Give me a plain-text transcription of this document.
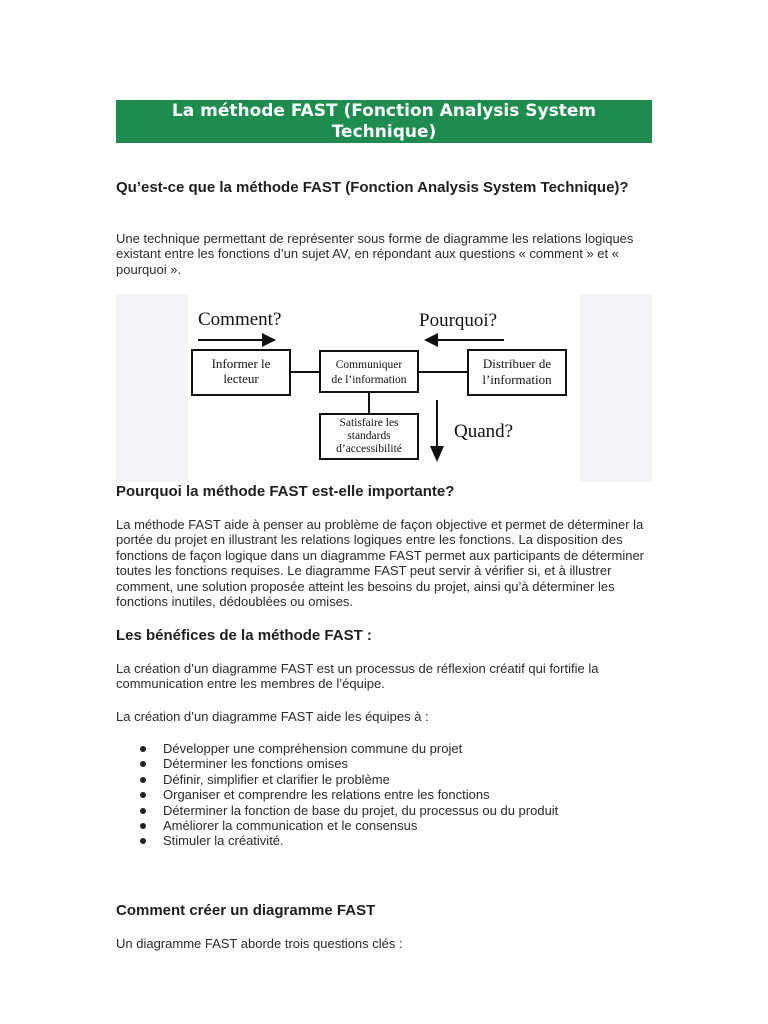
La méthode FAST (Fonction Analysis System Technique)
Qu’est-ce que la méthode FAST (Fonction Analysis System Technique)?
Une technique permettant de représenter sous forme de diagramme les relations logiques existant entre les fonctions d’un sujet AV, en répondant aux questions « comment » et « pourquoi ».
Comment?	Pourquoi?
Informer le
lecteur
Communiquer
de l’information
Distribuer de
l’information
Satisfaire les
standards
d’accessibilité
Quand?
Pourquoi la méthode FAST est-elle importante?
La méthode FAST aide à penser au problème de façon objective et permet de déterminer la portée du projet en illustrant les relations logiques entre les fonctions. La disposition des fonctions de façon logique dans un diagramme FAST permet aux participants de déterminer toutes les fonctions requises. Le diagramme FAST peut servir à vérifier si, et à illustrer comment, une solution proposée atteint les besoins du projet, ainsi qu’à déterminer les fonctions inutiles, dédoublées ou omises.
Les bénéfices de la méthode FAST :
La création d’un diagramme FAST est un processus de réflexion créatif qui fortifie la communication entre les membres de l’équipe.
La création d’un diagramme FAST aide les équipes à :
Développer une compréhension commune du projet
Déterminer les fonctions omises
Définir, simplifier et clarifier le problème
Organiser et comprendre les relations entre les fonctions
Déterminer la fonction de base du projet, du processus ou du produit
Améliorer la communication et le consensus
Stimuler la créativité.
Comment créer un diagramme FAST
Un diagramme FAST aborde trois questions clés :
